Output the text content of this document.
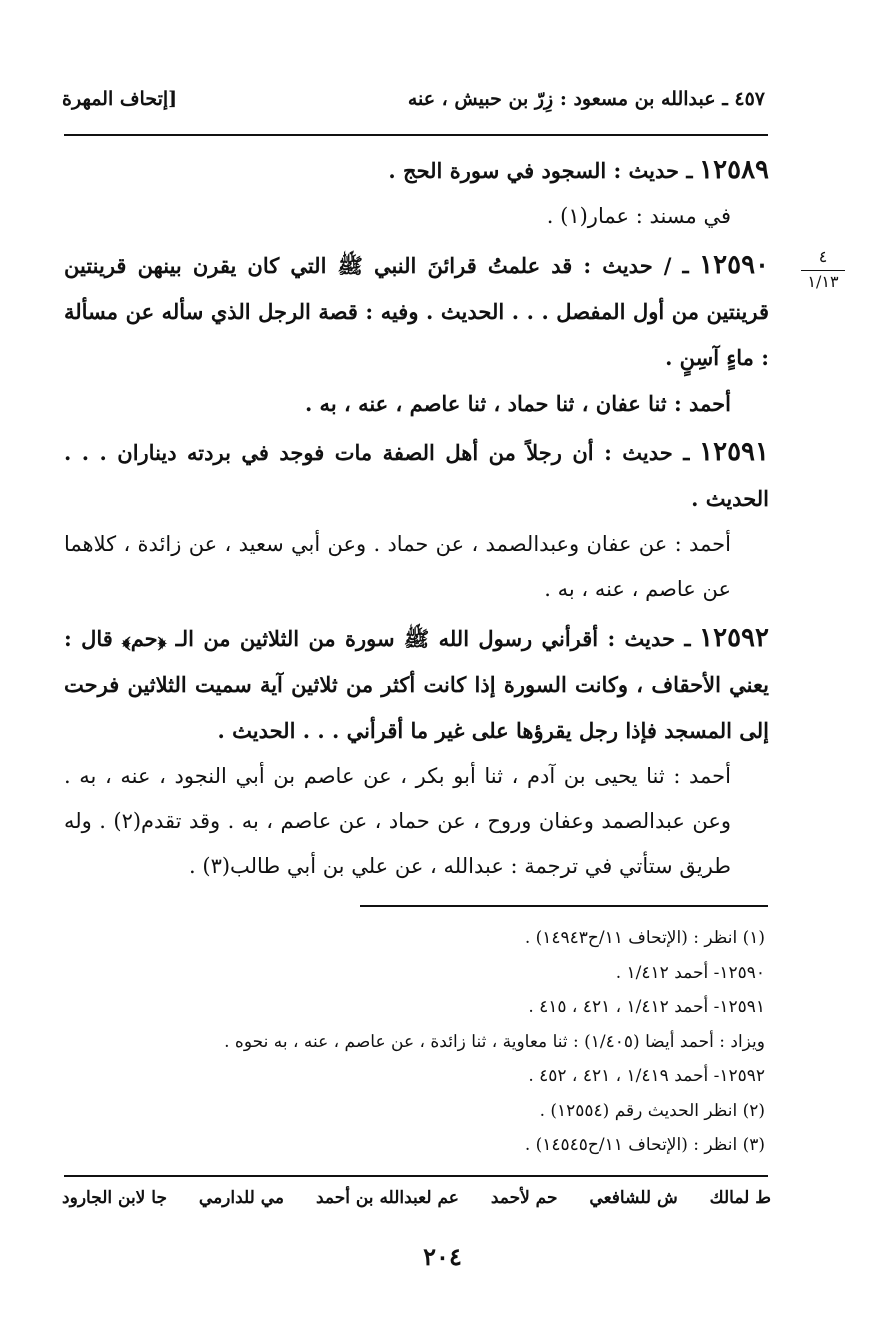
٤٥٧ ـ عبدالله بن مسعود : زِرّ بن حبيش ، عنه
[إتحاف المهرة
٤
١/١٣

١٢٥٨٩ ـ حديث : السجود في سورة الحج .

في مسند : عمار(١) .

١٢٥٩٠ ـ / حديث : قد علمتُ قرائنَ النبي ﷺ التي كان يقرن بينهن قرينتين قرينتين من أول المفصل . . . الحديث . وفيه : قصة الرجل الذي سأله عن مسألة : ماءٍ آسِنٍ .

أحمد : ثنا عفان ، ثنا حماد ، ثنا عاصم ، عنه ، به .

١٢٥٩١ ـ حديث : أن رجلاً من أهل الصفة مات فوجد في بردته ديناران . . . الحديث .

أحمد : عن عفان وعبدالصمد ، عن حماد . وعن أبي سعيد ، عن زائدة ، كلاهما عن عاصم ، عنه ، به .

١٢٥٩٢ ـ حديث : أقرأني رسول الله ﷺ سورة من الثلاثين من الـ ﴿حم﴾ قال : يعني الأحقاف ، وكانت السورة إذا كانت أكثر من ثلاثين آية سميت الثلاثين فرحت إلى المسجد فإذا رجل يقرؤها على غير ما أقرأني . . . الحديث .

أحمد : ثنا يحيى بن آدم ، ثنا أبو بكر ، عن عاصم بن أبي النجود ، عنه ، به . وعن عبدالصمد وعفان وروح ، عن حماد ، عن عاصم ، به . وقد تقدم(٢) . وله طريق ستأتي في ترجمة : عبدالله ، عن علي بن أبي طالب(٣) .

(١) انظر : (الإتحاف ١١/ح١٤٩٤٣) .
١٢٥٩٠- أحمد ١/٤١٢ .
١٢٥٩١- أحمد ١/٤١٢ ، ٤٢١ ، ٤١٥ .
ويزاد : أحمد أيضا (١/٤٠٥) : ثنا معاوية ، ثنا زائدة ، عن عاصم ، عنه ، به نحوه .
١٢٥٩٢- أحمد ١/٤١٩ ، ٤٢١ ، ٤٥٢ .
(٢) انظر الحديث رقم (١٢٥٥٤) .
(٣) انظر : (الإتحاف ١١/ح١٤٥٤٥) .
ط لمالك
ش للشافعي
حم لأحمد
عم لعبدالله بن أحمد
مي للدارمي
جا لابن الجارود
٢٠٤
